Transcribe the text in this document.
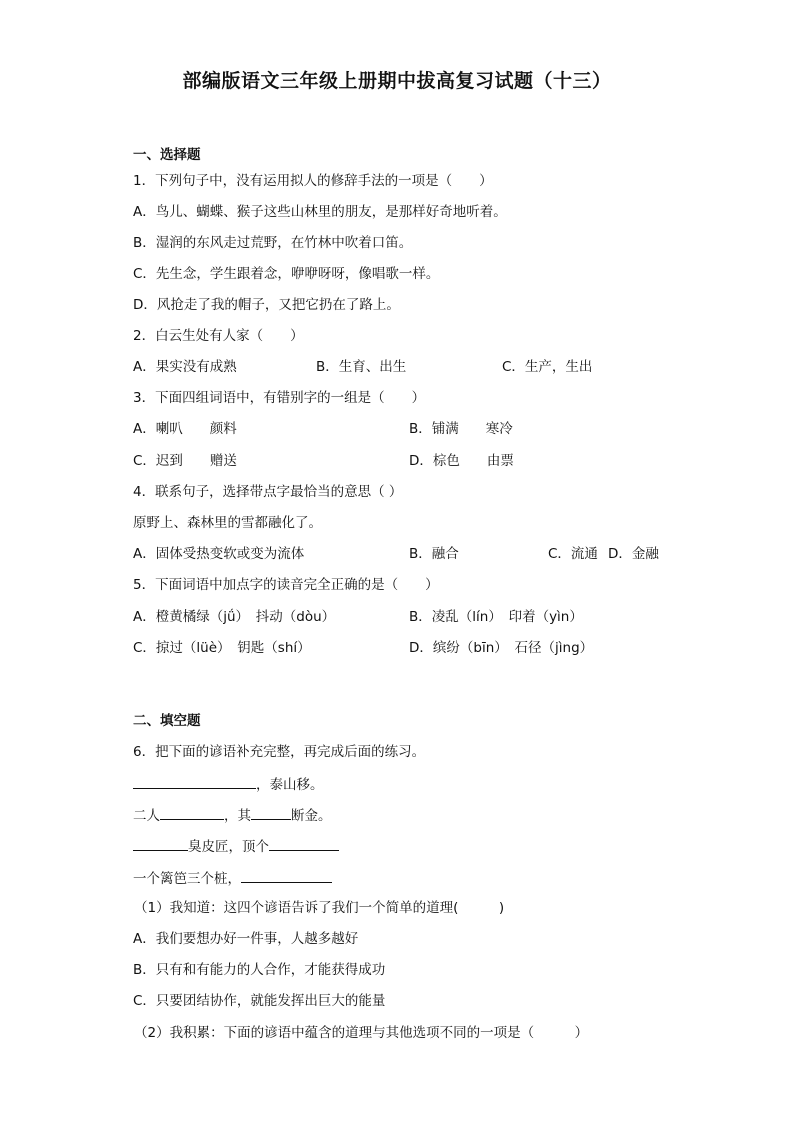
部编版语文三年级上册期中拔高复习试题（十三）
一、选择题
1．下列句子中，没有运用拟人的修辞手法的一项是（　　）
A．鸟儿、蝴蝶、猴子这些山林里的朋友，是那样好奇地听着。
B．湿润的东风走过荒野，在竹林中吹着口笛。
C．先生念，学生跟着念，咿咿呀呀，像唱歌一样。
D．风抢走了我的帽子，又把它扔在了路上。
2．白云生处有人家（　　）
A．果实没有成熟	B．生育、出生	C．生产，生出
3．下面四组词语中，有错别字的一组是（　　）
A．喇叭　　颜料	B．铺满　　寒冷
C．迟到　　赠送	D．棕色　　由票
4．联系句子，选择带点字最恰当的意思（ ）
原野上、森林里的雪都融化了。
A．固体受热变软或变为流体	B．融合	C．流通 D．金融
5．下面词语中加点字的读音完全正确的是（　　）
A．橙黄橘绿（jǘ）　抖动（dòu）	B．凌乱（lín）　印着（yìn）
C．掠过（lüè）　钥匙（shí）	D．缤纷（bīn）　石径（jìng）
二、填空题
6．把下面的谚语补充完整，再完成后面的练习。
，泰山移。
二人	，其	断金。
臭皮匠，顶个
一个篱笆三个桩，
（1）我知道：这四个谚语告诉了我们一个简单的道理(　　　)
A．我们要想办好一件事，人越多越好
B．只有和有能力的人合作，才能获得成功
C．只要团结协作，就能发挥出巨大的能量
（2）我积累：下面的谚语中蕴含的道理与其他选项不同的一项是（　　　）
